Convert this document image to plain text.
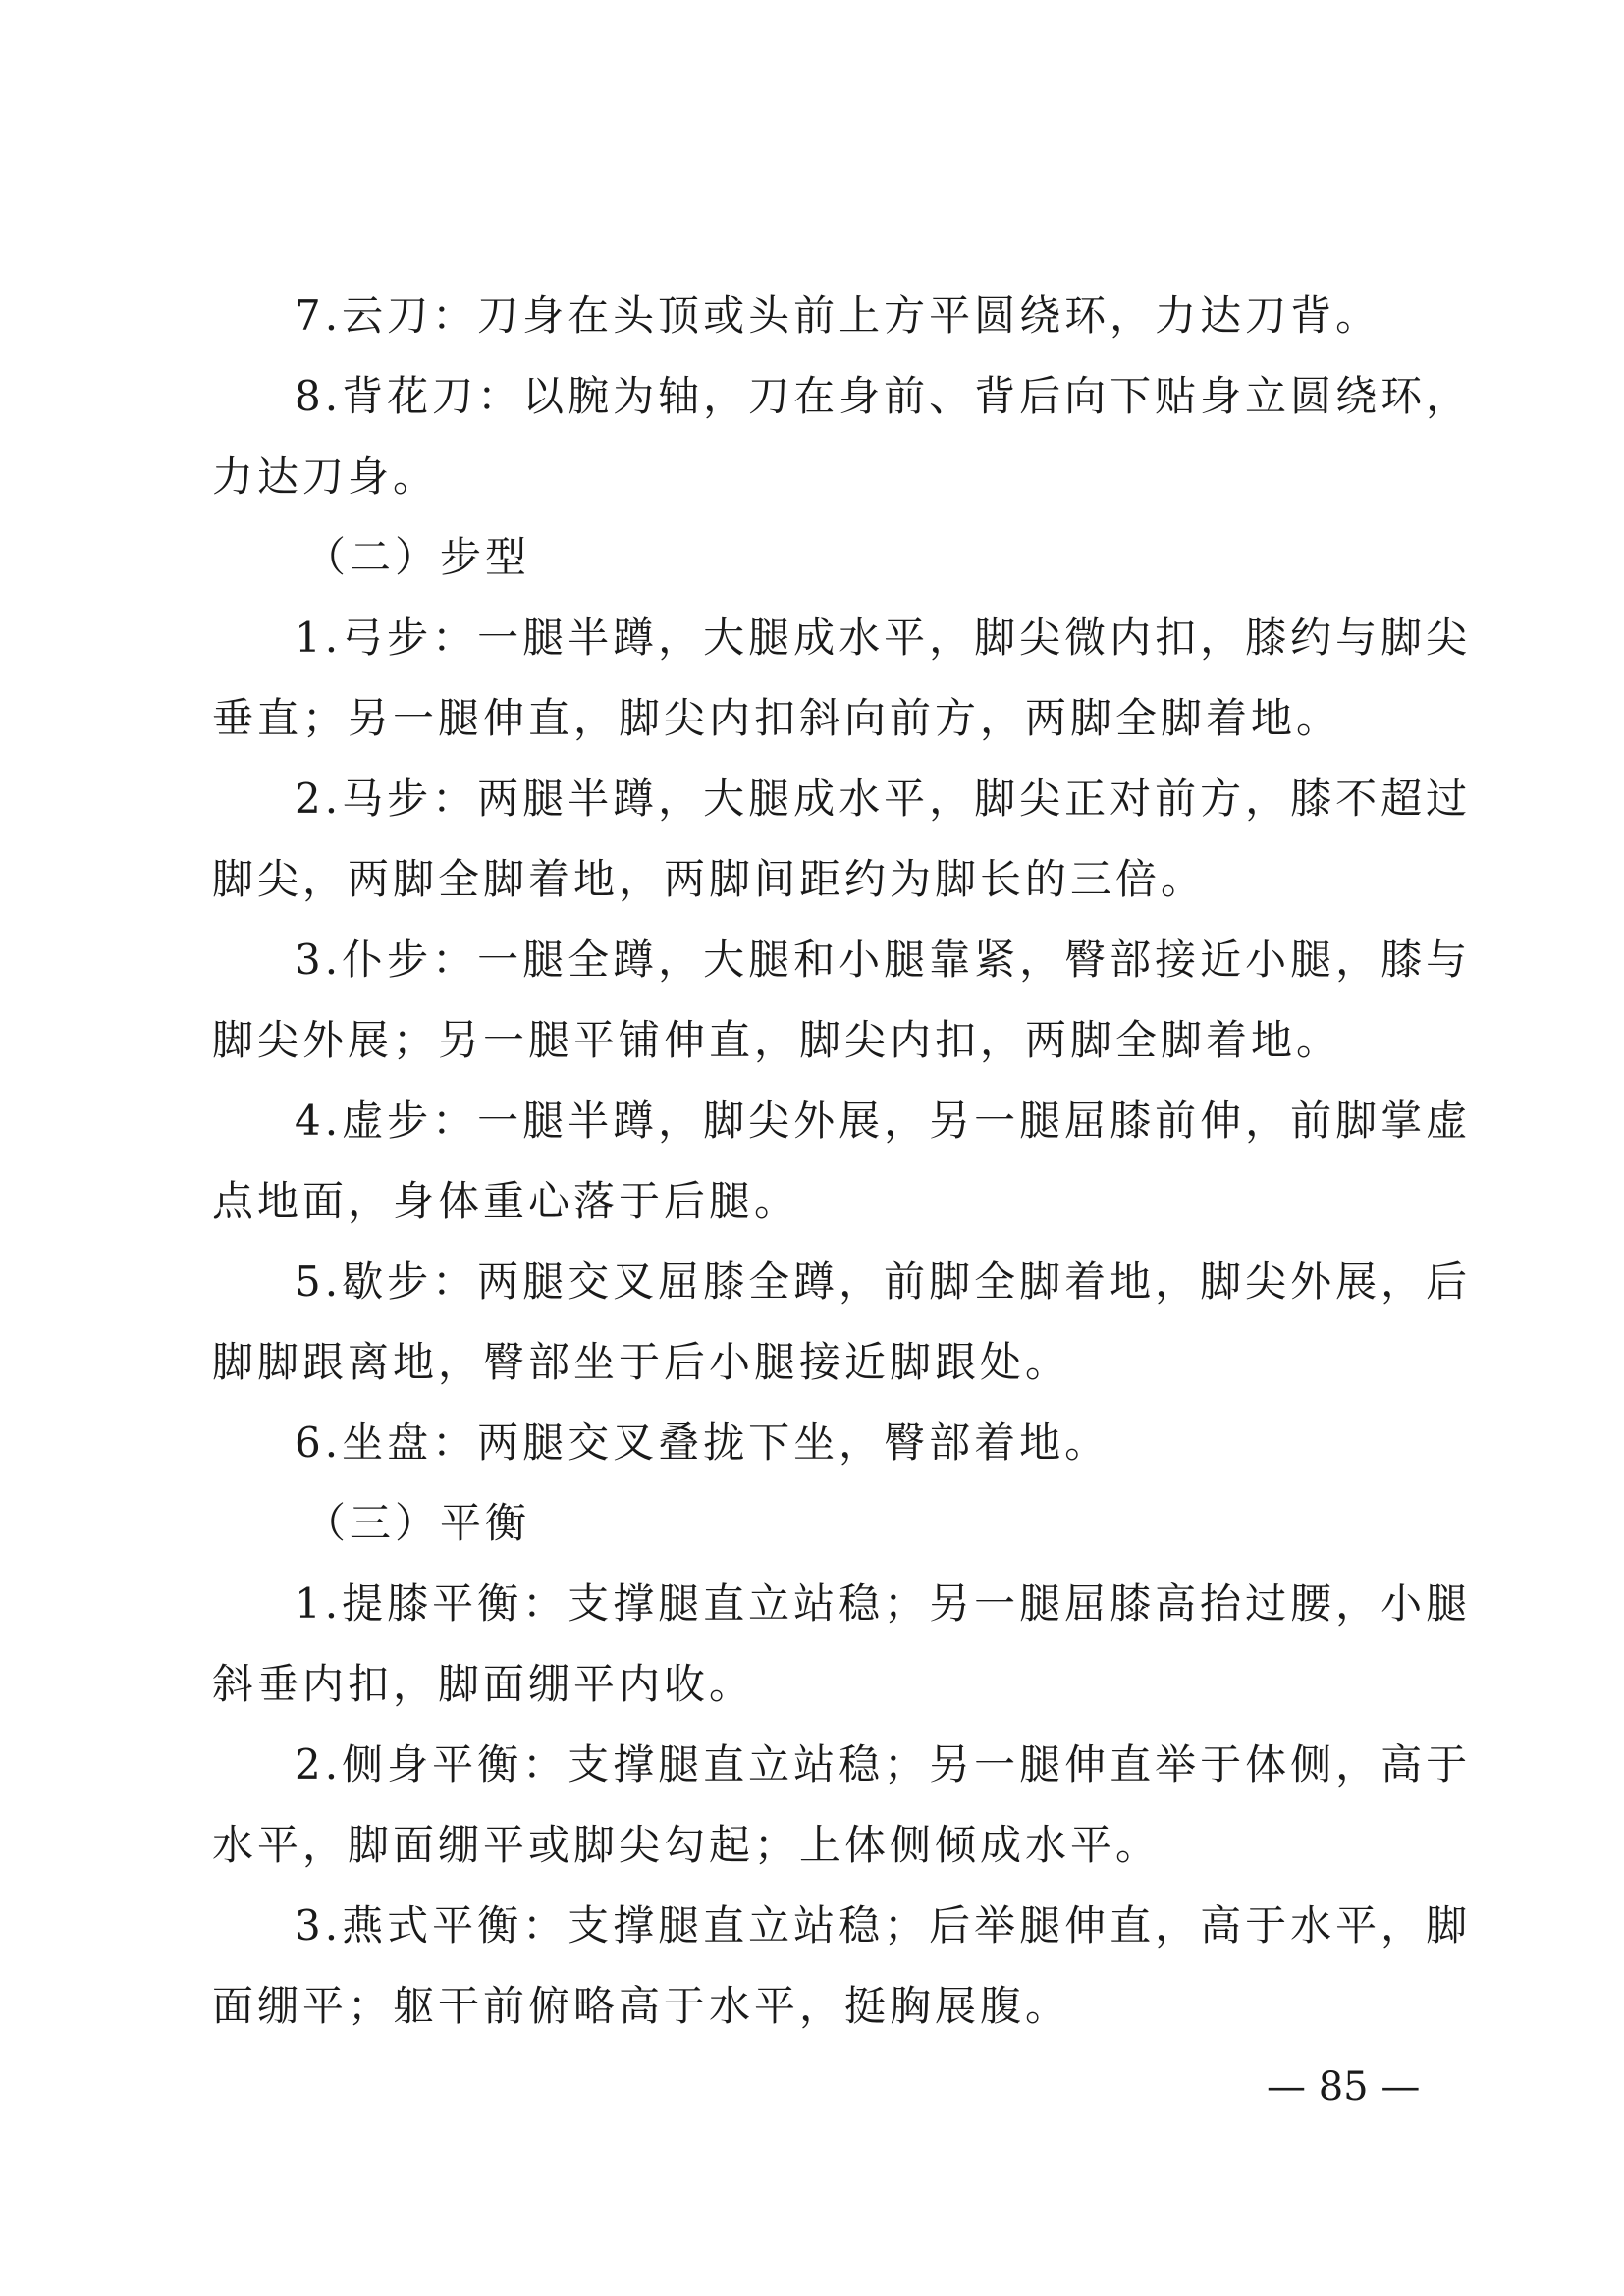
7.云刀：刀身在头顶或头前上方平圆绕环，力达刀背。
8.背花刀：以腕为轴，刀在身前、背后向下贴身立圆绕环，
力达刀身。
（二）步型
1.弓步：一腿半蹲，大腿成水平，脚尖微内扣，膝约与脚尖
垂直；另一腿伸直，脚尖内扣斜向前方，两脚全脚着地。
2.马步：两腿半蹲，大腿成水平，脚尖正对前方，膝不超过
脚尖，两脚全脚着地，两脚间距约为脚长的三倍。
3.仆步：一腿全蹲，大腿和小腿靠紧，臀部接近小腿，膝与
脚尖外展；另一腿平铺伸直，脚尖内扣，两脚全脚着地。
4.虚步：一腿半蹲，脚尖外展，另一腿屈膝前伸，前脚掌虚
点地面，身体重心落于后腿。
5.歇步：两腿交叉屈膝全蹲，前脚全脚着地，脚尖外展，后
脚脚跟离地，臀部坐于后小腿接近脚跟处。
6.坐盘：两腿交叉叠拢下坐，臀部着地。
（三）平衡
1.提膝平衡：支撑腿直立站稳；另一腿屈膝高抬过腰，小腿
斜垂内扣，脚面绷平内收。
2.侧身平衡：支撑腿直立站稳；另一腿伸直举于体侧，高于
水平，脚面绷平或脚尖勾起；上体侧倾成水平。
3.燕式平衡：支撑腿直立站稳；后举腿伸直，高于水平，脚
面绷平；躯干前俯略高于水平，挺胸展腹。
— 85 —
